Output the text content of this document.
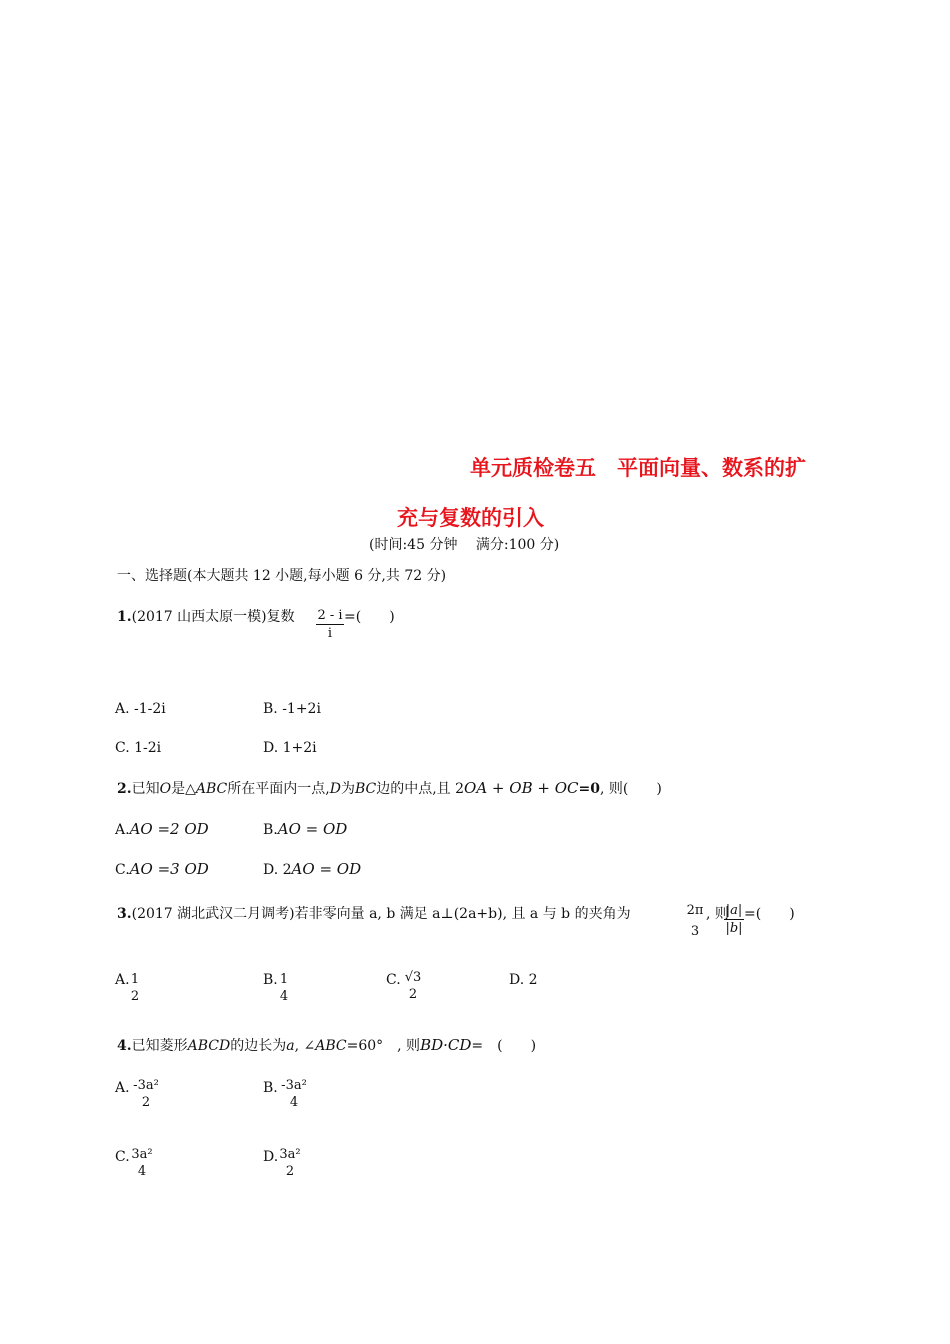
单元质检卷五　平面向量、数系的扩
充与复数的引入
(时间:45 分钟　 满分:100 分)
一、选择题(本大题共 12 小题,每小题 6 分,共 72 分)
1.(2017 山西太原一模)复数 2 - i
i
=(　　)
A. -1-2i	B. -1+2i
C. 1-2i	D. 1+2i
2.已知O是△ABC所在平面内一点,D为BC边的中点,且 2OA + OB + OC=0, 则(　　)
A.AO =2 OD	B.AO = OD
C.AO =3 OD	D. 2AO = OD
3.(2017 湖北武汉二月调考)若非零向量 a, b 满足 a⊥(2a+b), 且 a 与 b 的夹角为	2π
3
, 则
|a|
|b|
=(　　)
A. 1
2
B. 1
4
C. √3
2
D. 2
4.已知菱形ABCD的边长为a, ∠ABC=60°　, 则BD·CD=　(　　)
A. -3a²
2
B. -3a²
4
C. 3a²
4
D. 3a²
2
